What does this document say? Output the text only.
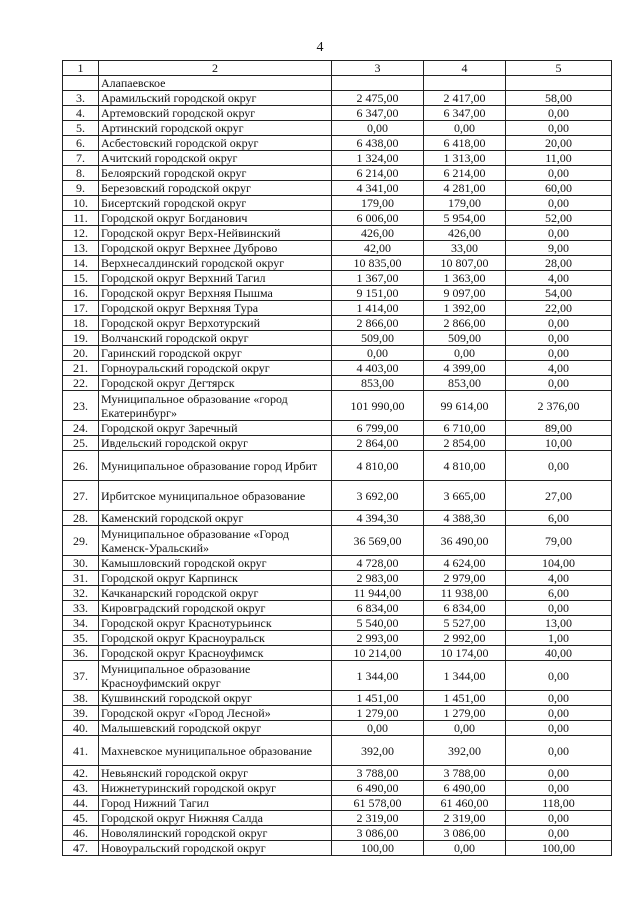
4
1	2	3	4	5
	Алапаевское			
3.	Арамильский городской округ	2 475,00	2 417,00	58,00
4.	Артемовский городской округ	6 347,00	6 347,00	0,00
5.	Артинский городской округ	0,00	0,00	0,00
6.	Асбестовский городской округ	6 438,00	6 418,00	20,00
7.	Ачитский городской округ	1 324,00	1 313,00	11,00
8.	Белоярский городской округ	6 214,00	6 214,00	0,00
9.	Березовский городской округ	4 341,00	4 281,00	60,00
10.	Бисертский городской округ	179,00	179,00	0,00
11.	Городской округ Богданович	6 006,00	5 954,00	52,00
12.	Городской округ Верх-Нейвинский	426,00	426,00	0,00
13.	Городской округ Верхнее Дуброво	42,00	33,00	9,00
14.	Верхнесалдинский городской округ	10 835,00	10 807,00	28,00
15.	Городской округ Верхний Тагил	1 367,00	1 363,00	4,00
16.	Городской округ Верхняя Пышма	9 151,00	9 097,00	54,00
17.	Городской округ Верхняя Тура	1 414,00	1 392,00	22,00
18.	Городской округ Верхотурский	2 866,00	2 866,00	0,00
19.	Волчанский городской округ	509,00	509,00	0,00
20.	Гаринский городской округ	0,00	0,00	0,00
21.	Горноуральский городской округ	4 403,00	4 399,00	4,00
22.	Городской округ Дегтярск	853,00	853,00	0,00
23.	Муниципальное образование «город Екатеринбург»	101 990,00	99 614,00	2 376,00
24.	Городской округ Заречный	6 799,00	6 710,00	89,00
25.	Ивдельский городской округ	2 864,00	2 854,00	10,00
26.	Муниципальное образование город Ирбит	4 810,00	4 810,00	0,00
27.	Ирбитское муниципальное образование	3 692,00	3 665,00	27,00
28.	Каменский городской округ	4 394,30	4 388,30	6,00
29.	Муниципальное образование «Город Каменск-Уральский»	36 569,00	36 490,00	79,00
30.	Камышловский городской округ	4 728,00	4 624,00	104,00
31.	Городской округ Карпинск	2 983,00	2 979,00	4,00
32.	Качканарский городской округ	11 944,00	11 938,00	6,00
33.	Кировградский городской округ	6 834,00	6 834,00	0,00
34.	Городской округ Краснотурьинск	5 540,00	5 527,00	13,00
35.	Городской округ Красноуральск	2 993,00	2 992,00	1,00
36.	Городской округ Красноуфимск	10 214,00	10 174,00	40,00
37.	Муниципальное образование Красноуфимский округ	1 344,00	1 344,00	0,00
38.	Кушвинский городской округ	1 451,00	1 451,00	0,00
39.	Городской округ «Город Лесной»	1 279,00	1 279,00	0,00
40.	Малышевский городской округ	0,00	0,00	0,00
41.	Махневское муниципальное образование	392,00	392,00	0,00
42.	Невьянский городской округ	3 788,00	3 788,00	0,00
43.	Нижнетуринский городской округ	6 490,00	6 490,00	0,00
44.	Город Нижний Тагил	61 578,00	61 460,00	118,00
45.	Городской округ Нижняя Салда	2 319,00	2 319,00	0,00
46.	Новолялинский городской округ	3 086,00	3 086,00	0,00
47.	Новоуральский городской округ	100,00	0,00	100,00
